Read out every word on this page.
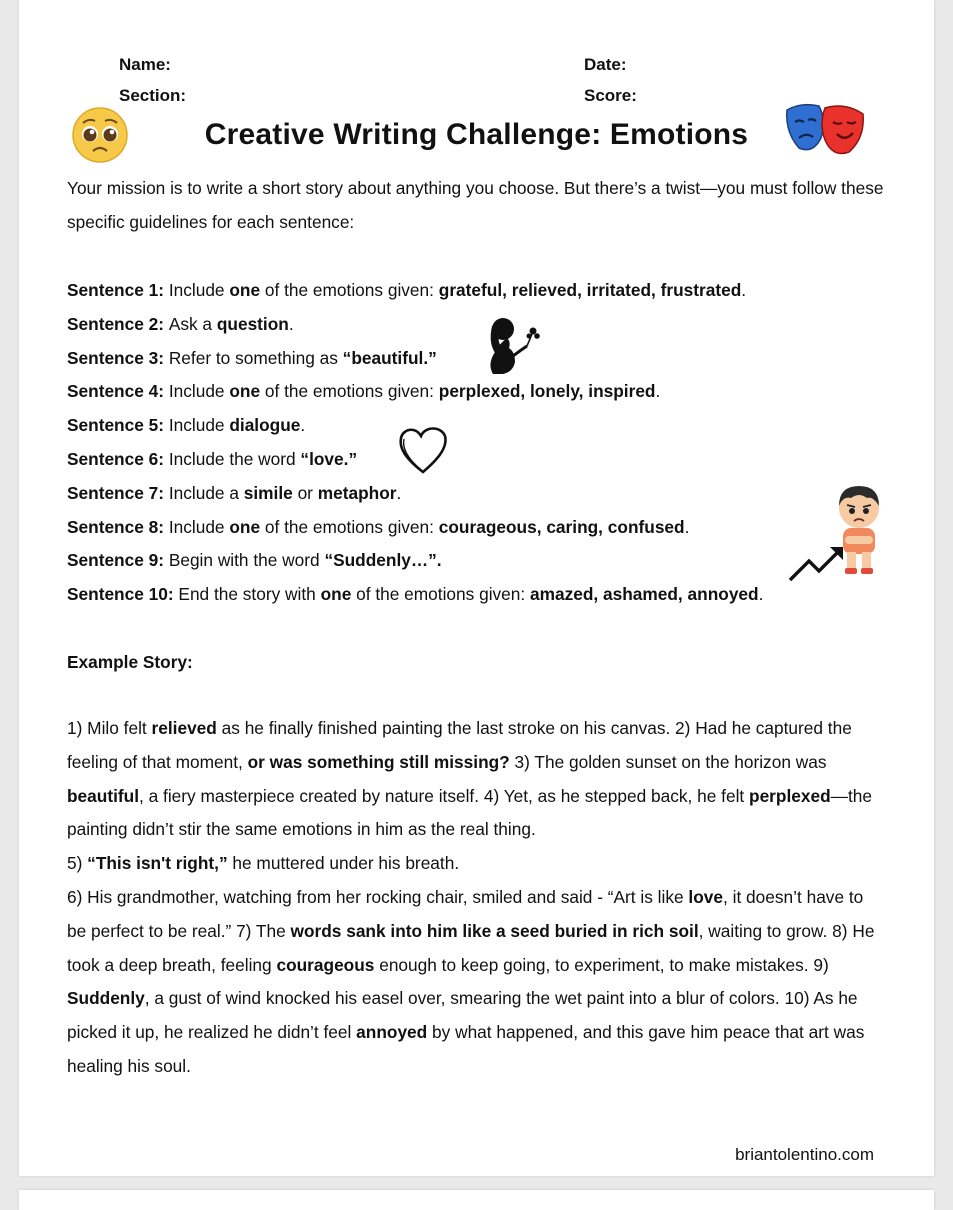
Name:	Date:
Section:	Score:
Creative Writing Challenge: Emotions
Your mission is to write a short story about anything you choose. But there’s a twist—you must follow these specific guidelines for each sentence:
Sentence 1: Include one of the emotions given: grateful, relieved, irritated, frustrated.
Sentence 2: Ask a question.
Sentence 3: Refer to something as “beautiful.”
Sentence 4: Include one of the emotions given: perplexed, lonely, inspired.
Sentence 5: Include dialogue.
Sentence 6: Include the word “love.”
Sentence 7: Include a simile or metaphor.
Sentence 8: Include one of the emotions given: courageous, caring, confused.
Sentence 9: Begin with the word “Suddenly…”.
Sentence 10: End the story with one of the emotions given: amazed, ashamed, annoyed.
Example Story:

1) Milo felt relieved as he finally finished painting the last stroke on his canvas. 2) Had he captured the feeling of that moment, or was something still missing? 3) The golden sunset on the horizon was beautiful, a fiery masterpiece created by nature itself. 4) Yet, as he stepped back, he felt perplexed—the painting didn’t stir the same emotions in him as the real thing.

5) “This isn't right,” he muttered under his breath.

6) His grandmother, watching from her rocking chair, smiled and said - “Art is like love, it doesn’t have to be perfect to be real.” 7) The words sank into him like a seed buried in rich soil, waiting to grow. 8) He took a deep breath, feeling courageous enough to keep going, to experiment, to make mistakes. 9) Suddenly, a gust of wind knocked his easel over, smearing the wet paint into a blur of colors. 10) As he picked it up, he realized he didn’t feel annoyed by what happened, and this gave him peace that art was healing his soul.

briantolentino.com
